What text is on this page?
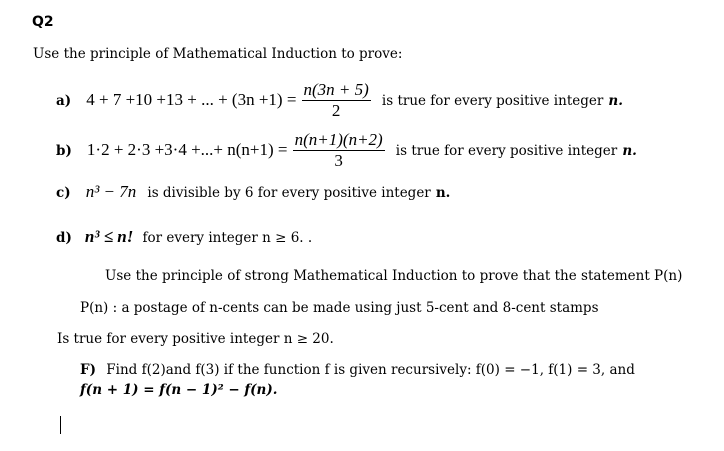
Q2
Use the principle of Mathematical Induction to prove:
a) 4 + 7 +10 +13 + ... + $(3n +1) = \frac{n(3n + 5)}{2}$ is true for every positive integer n.
b) 1·2 + 2·3 +3·4 +...+ $n(n+1) = \frac{n(n+1)(n+2)}{3}$ is true for every positive integer n.
c) n³ − 7n is divisible by 6 for every positive integer n.
d) n³ ≤ n! for every integer n ≥ 6. .
Use the principle of strong Mathematical Induction to prove that the statement P(n)
P(n) : a postage of n-cents can be made using just 5-cent and 8-cent stamps
Is true for every positive integer n ≥ 20.
F) Find f(2)and f(3) if the function f is given recursively: f(0) = −1, f(1) = 3, and
f(n + 1) = f(n − 1)² − f(n).
